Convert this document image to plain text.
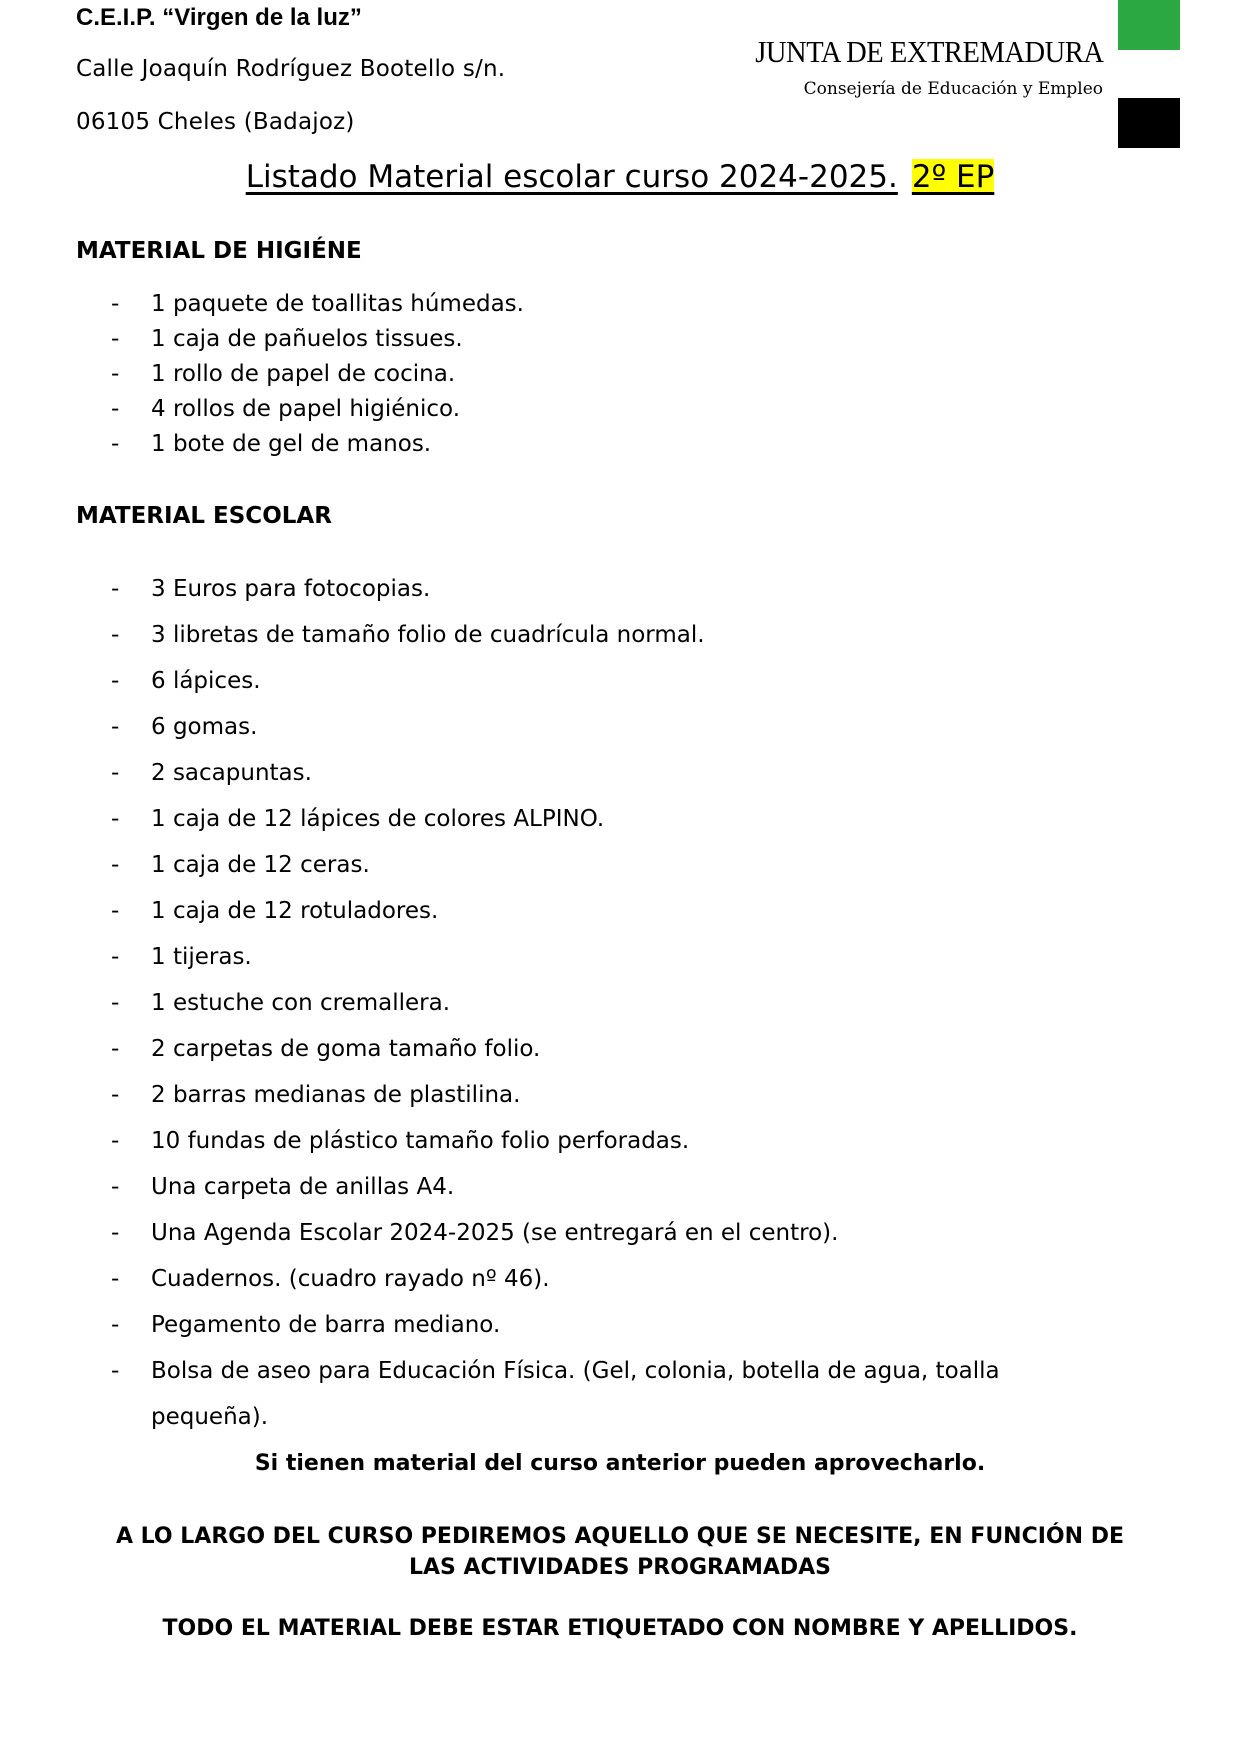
C.E.I.P. “Virgen de la luz”
Calle Joaquín Rodríguez Bootello s/n.
06105 Cheles (Badajoz)
JUNTA DE EXTREMADURA
Consejería de Educación y Empleo
Listado Material escolar curso 2024-2025. 2º EP
MATERIAL DE HIGIÉNE
- 1 paquete de toallitas húmedas.
- 1 caja de pañuelos tissues.
- 1 rollo de papel de cocina.
- 4 rollos de papel higiénico.
- 1 bote de gel de manos.
MATERIAL ESCOLAR
- 3 Euros para fotocopias.
- 3 libretas de tamaño folio de cuadrícula normal.
- 6 lápices.
- 6 gomas.
- 2 sacapuntas.
- 1 caja de 12 lápices de colores ALPINO.
- 1 caja de 12 ceras.
- 1 caja de 12 rotuladores.
- 1 tijeras.
- 1 estuche con cremallera.
- 2 carpetas de goma tamaño folio.
- 2 barras medianas de plastilina.
- 10 fundas de plástico tamaño folio perforadas.
- Una carpeta de anillas A4.
- Una Agenda Escolar 2024-2025 (se entregará en el centro).
- Cuadernos. (cuadro rayado nº 46).
- Pegamento de barra mediano.
- Bolsa de aseo para Educación Física. (Gel, colonia, botella de agua, toalla pequeña).
Si tienen material del curso anterior pueden aprovecharlo.
A LO LARGO DEL CURSO PEDIREMOS AQUELLO QUE SE NECESITE, EN FUNCIÓN DE LAS ACTIVIDADES PROGRAMADAS
TODO EL MATERIAL DEBE ESTAR ETIQUETADO CON NOMBRE Y APELLIDOS.
